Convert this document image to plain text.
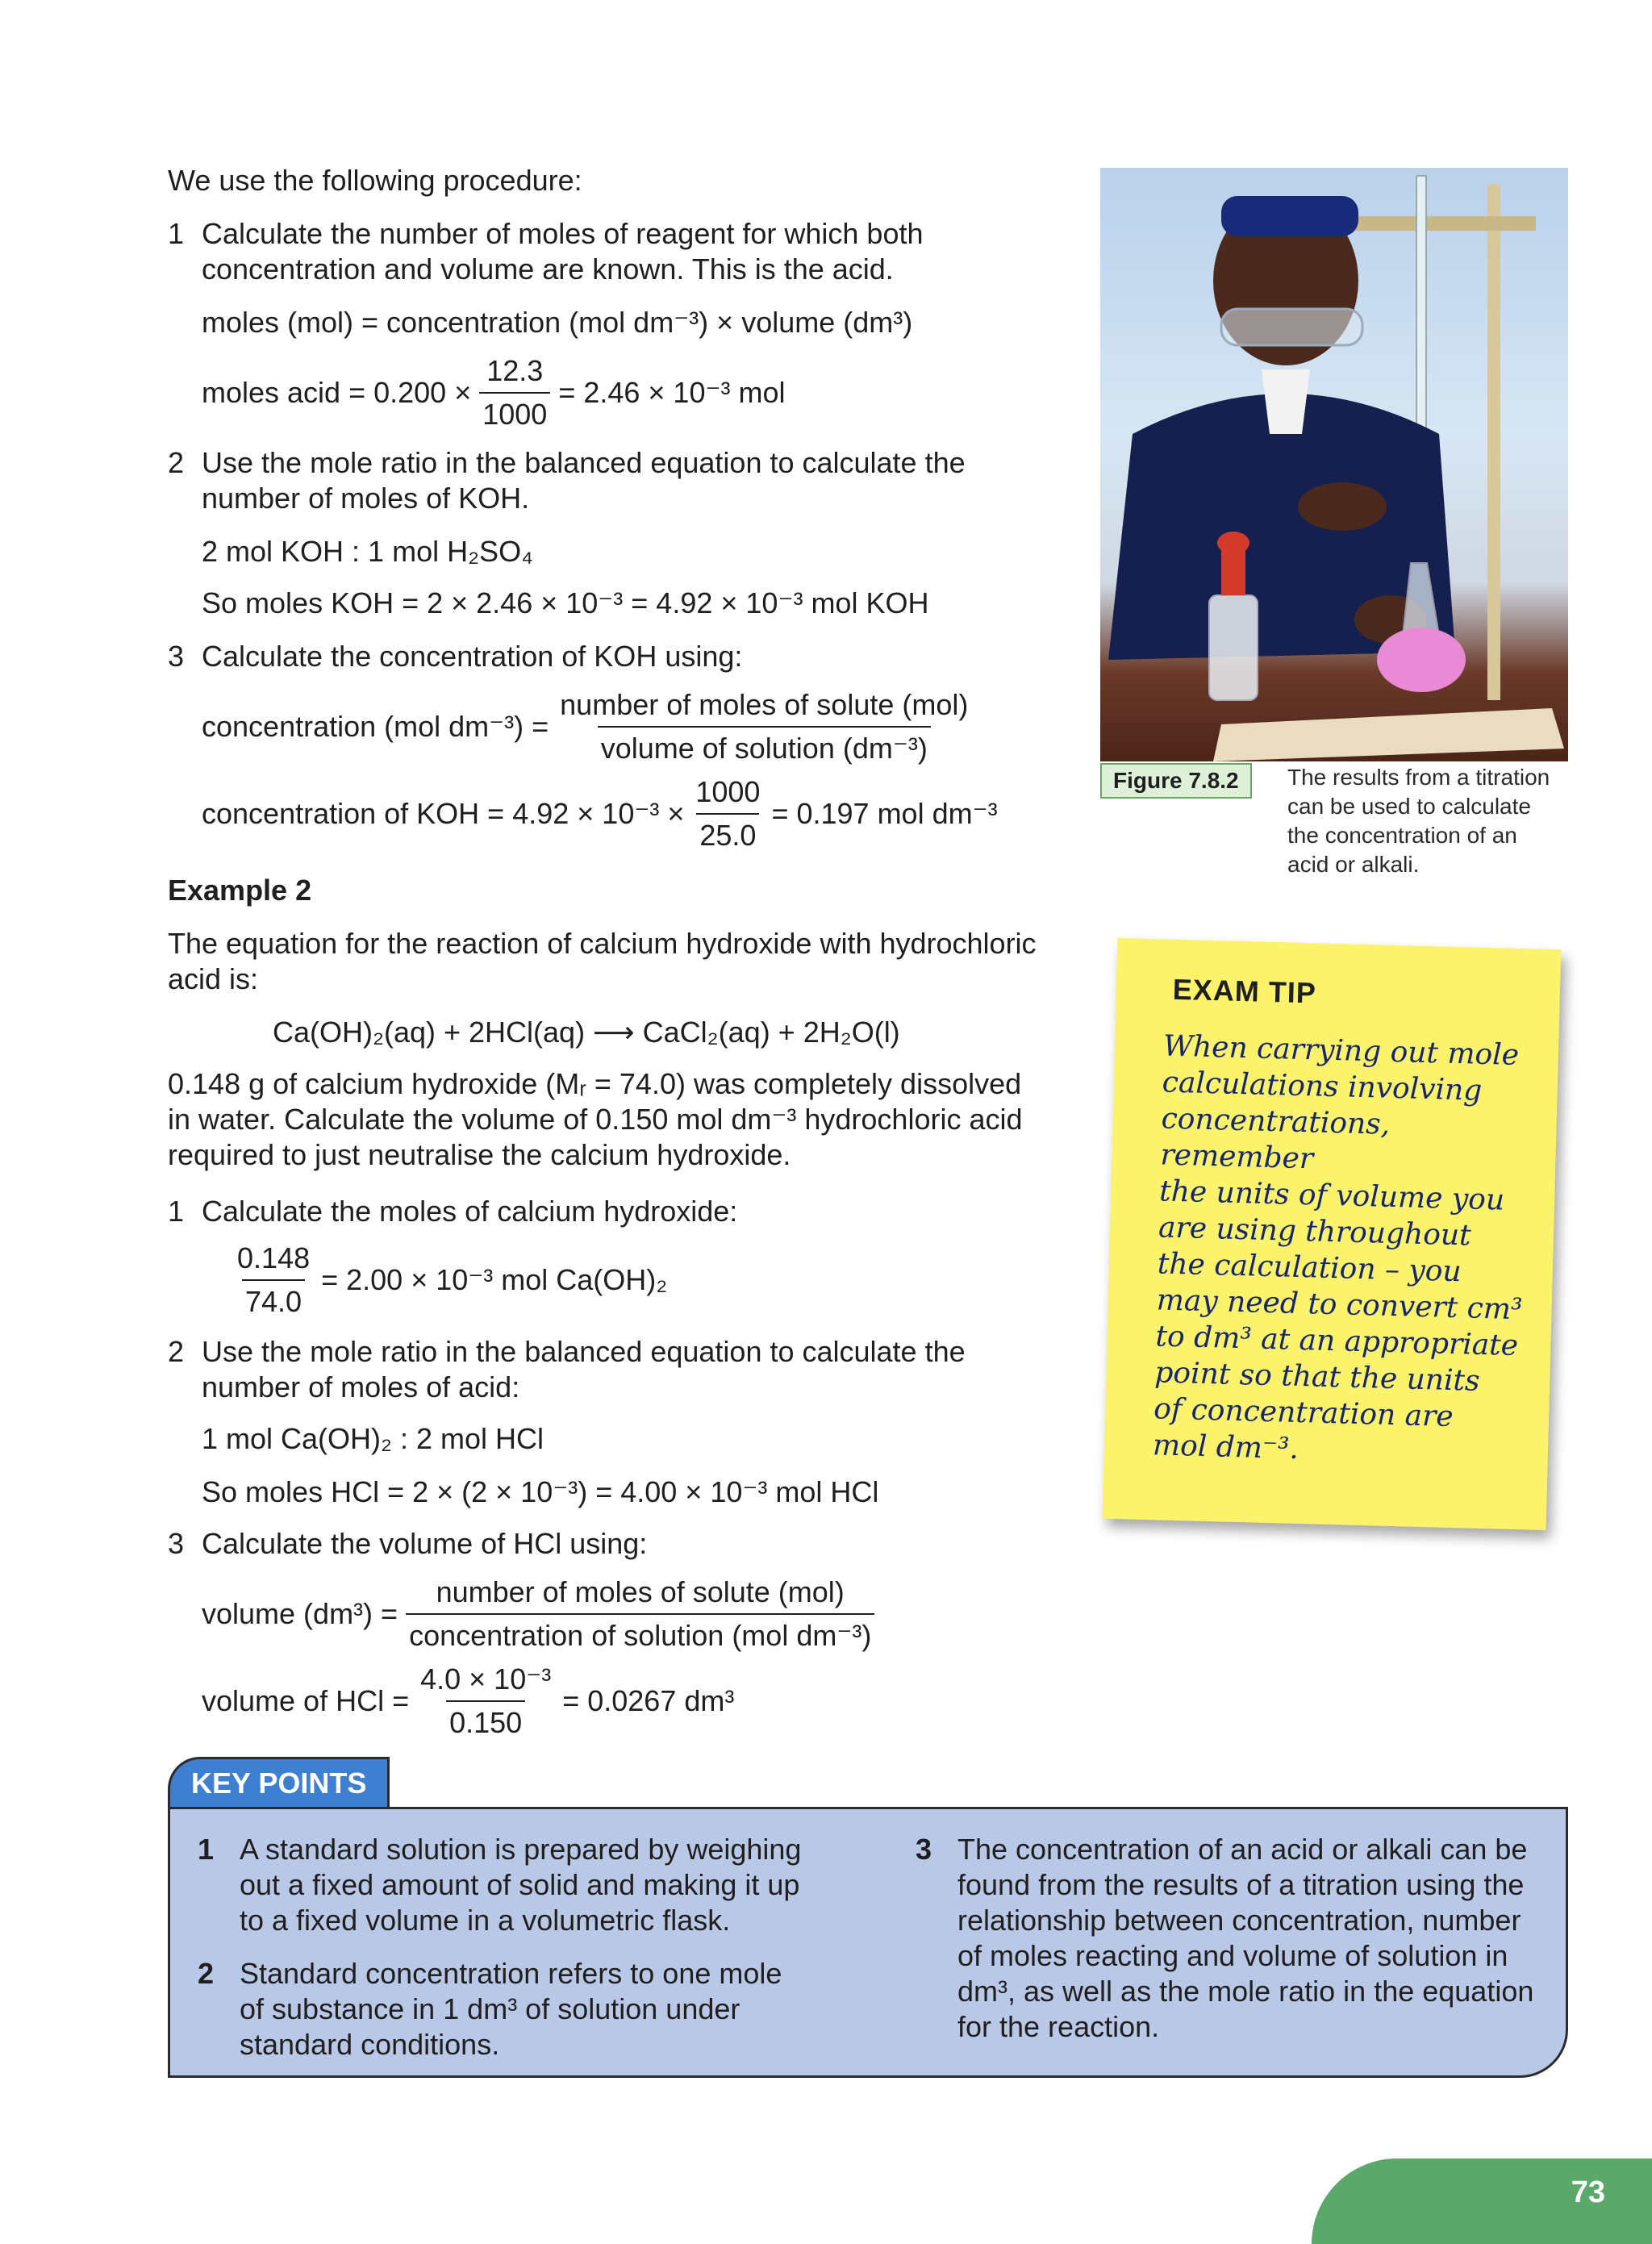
We use the following procedure:
1 Calculate the number of moles of reagent for which both
concentration and volume are known. This is the acid.
moles (mol) = concentration (mol dm⁻³) × volume (dm³)
moles acid = $0.200 \times \frac{12.3}{1000} = 2.46 \times 10^{-3}$ mol
2 Use the mole ratio in the balanced equation to calculate the
number of moles of KOH.
2 mol KOH : 1 mol H₂SO₄
So moles KOH = 2 × 2.46 × 10⁻³ = 4.92 × 10⁻³ mol KOH
3 Calculate the concentration of KOH using:
concentration (mol $dm^{-3}) = \frac{\text{number of moles of solute (mol)}}{\text{volume of solution (dm⁻³)}}$
concentration of KOH = $4.92 \times 10^{-3} \times \frac{1000}{25.0} = 0.197$ mol dm⁻³
Example 2
The equation for the reaction of calcium hydroxide with hydrochloric
acid is:
Ca(OH)₂(aq) + 2HCl(aq) ⟶ CaCl₂(aq) + 2H₂O(l)
0.148 g of calcium hydroxide (Mᵣ = 74.0) was completely dissolved
in water. Calculate the volume of 0.150 mol dm⁻³ hydrochloric acid
required to just neutralise the calcium hydroxide.
1 Calculate the moles of calcium hydroxide:
$\frac{0.148}{74.0} = 2.00 \times 10^{-3}$ mol Ca(OH)₂
2 Use the mole ratio in the balanced equation to calculate the
number of moles of acid:
1 mol Ca(OH)₂ : 2 mol HCl
So moles HCl = 2 × (2 × 10⁻³) = 4.00 × 10⁻³ mol HCl
3 Calculate the volume of HCl using:
volume $(dm^3) = \frac{\text{number of moles of solute (mol)}}{\text{concentration of solution (mol dm⁻³)}}$
volume of HCl = $\frac{\text{4.0 × 10⁻³}}{0.150} = 0.0267$ dm³
Figure 7.8.2	The results from a titration
can be used to calculate
the concentration of an
acid or alkali.
EXAM TIP
When carrying out mole
calculations involving
concentrations, remember
the units of volume you
are using throughout
the calculation – you
may need to convert cm³
to dm³ at an appropriate
point so that the units
of concentration are
mol dm⁻³.
KEY POINTS
1 A standard solution is prepared by weighing
out a fixed amount of solid and making it up
to a fixed volume in a volumetric flask.
2 Standard concentration refers to one mole
of substance in 1 dm³ of solution under
standard conditions.
3 The concentration of an acid or alkali can be
found from the results of a titration using the
relationship between concentration, number
of moles reacting and volume of solution in
dm³, as well as the mole ratio in the equation
for the reaction.
73
